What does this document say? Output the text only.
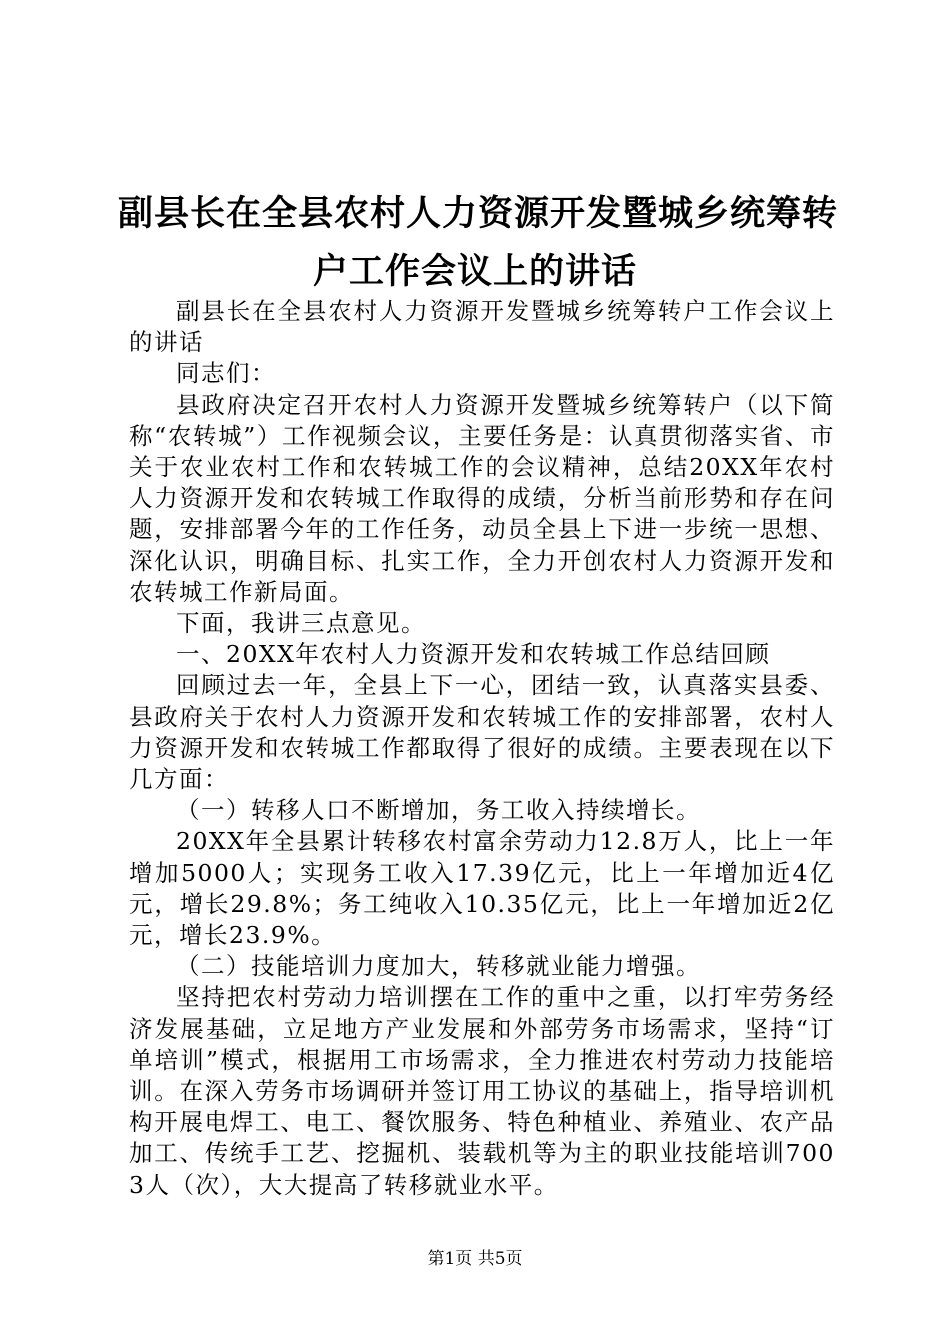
副县长在全县农村人力资源开发暨城乡统筹转
户工作会议上的讲话

副县长在全县农村人力资源开发暨城乡统筹转户工作会议上的讲话

同志们：

县政府决定召开农村人力资源开发暨城乡统筹转户（以下简称“农转城”）工作视频会议，主要任务是：认真贯彻落实省、市关于农业农村工作和农转城工作的会议精神，总结20XX年农村人力资源开发和农转城工作取得的成绩，分析当前形势和存在问题，安排部署今年的工作任务，动员全县上下进一步统一思想、深化认识，明确目标、扎实工作，全力开创农村人力资源开发和农转城工作新局面。

下面，我讲三点意见。

一、20XX年农村人力资源开发和农转城工作总结回顾

回顾过去一年，全县上下一心，团结一致，认真落实县委、县政府关于农村人力资源开发和农转城工作的安排部署，农村人力资源开发和农转城工作都取得了很好的成绩。主要表现在以下几方面：

（一）转移人口不断增加，务工收入持续增长。

20XX年全县累计转移农村富余劳动力12.8万人，比上一年增加5000人；实现务工收入17.39亿元，比上一年增加近4亿元，增长29.8%；务工纯收入10.35亿元，比上一年增加近2亿元，增长23.9%。

（二）技能培训力度加大，转移就业能力增强。

坚持把农村劳动力培训摆在工作的重中之重，以打牢劳务经济发展基础，立足地方产业发展和外部劳务市场需求，坚持“订单培训”模式，根据用工市场需求，全力推进农村劳动力技能培训。在深入劳务市场调研并签订用工协议的基础上，指导培训机构开展电焊工、电工、餐饮服务、特色种植业、养殖业、农产品加工、传统手工艺、挖掘机、装载机等为主的职业技能培训7003人（次），大大提高了转移就业水平。

第1页 共5页
